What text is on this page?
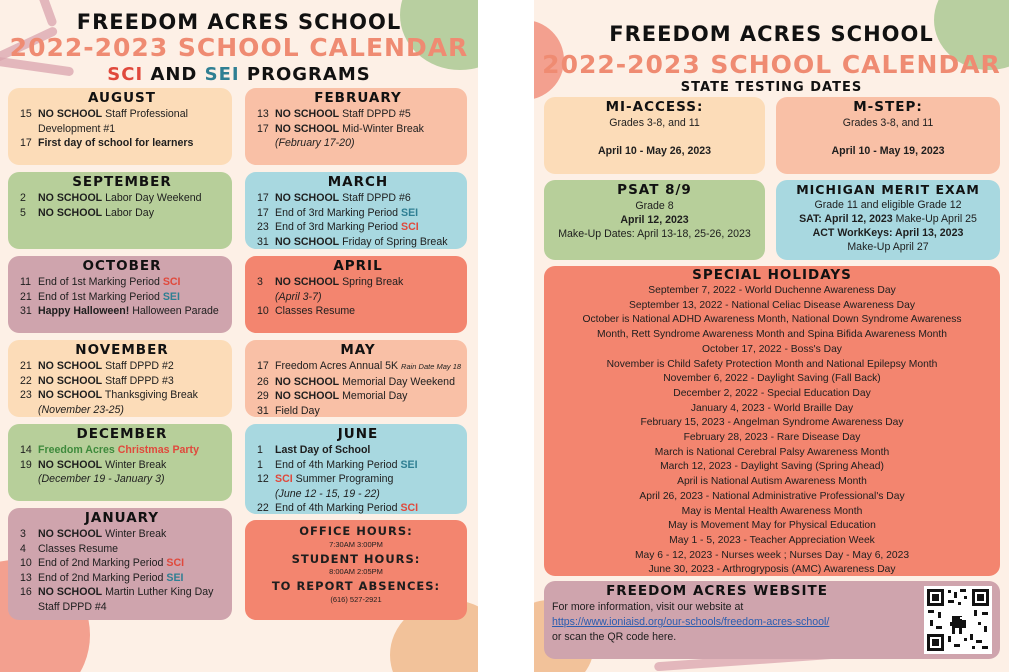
FREEDOM ACRES SCHOOL
2022-2023 SCHOOL CALENDAR
SCI AND SEI PROGRAMS
AUGUST
15 NO SCHOOL Staff Professional
Development #1
17 First day of school for learners
SEPTEMBER
2 NO SCHOOL Labor Day Weekend
5 NO SCHOOL Labor Day
OCTOBER
11 End of 1st Marking Period SCI
21 End of 1st Marking Period SEI
31 Happy Halloween! Halloween Parade
NOVEMBER
21 NO SCHOOL Staff DPPD #2
22 NO SCHOOL Staff DPPD #3
23 NO SCHOOL Thanksgiving Break
(November 23-25)
DECEMBER
14 Freedom Acres Christmas Party
19 NO SCHOOL Winter Break
(December 19 - January 3)
JANUARY
3 NO SCHOOL Winter Break
4 Classes Resume
10 End of 2nd Marking Period SCI
13 End of 2nd Marking Period SEI
16 NO SCHOOL Martin Luther King Day
Staff DPPD #4
FEBRUARY
13 NO SCHOOL Staff DPPD #5
17 NO SCHOOL Mid-Winter Break
(February 17-20)
MARCH
17 NO SCHOOL Staff DPPD #6
17 End of 3rd Marking Period SEI
23 End of 3rd Marking Period SCI
31 NO SCHOOL Friday of Spring Break
APRIL
3 NO SCHOOL Spring Break
(April 3-7)
10 Classes Resume
MAY
17 Freedom Acres Annual 5K Rain Date May 18
26 NO SCHOOL Memorial Day Weekend
29 NO SCHOOL Memorial Day
31 Field Day
JUNE
1 Last Day of School
1 End of 4th Marking Period SEI
12 SCI Summer Programing
(June 12 - 15, 19 - 22)
22 End of 4th Marking Period SCI
OFFICE HOURS:
7:30AM 3:00PM
STUDENT HOURS:
8:00AM 2:05PM
TO REPORT ABSENCES:
(616) 527-2921
FREEDOM ACRES SCHOOL
2022-2023 SCHOOL CALENDAR
STATE TESTING DATES
MI-ACCESS:
Grades 3-8, and 11
April 10 - May 26, 2023
M-STEP:
Grades 3-8, and 11
April 10 - May 19, 2023
PSAT 8/9
Grade 8
April 12, 2023
Make-Up Dates: April 13-18, 25-26, 2023
MICHIGAN MERIT EXAM
Grade 11 and eligible Grade 12
SAT: April 12, 2023 Make-Up April 25
ACT WorkKeys: April 13, 2023
Make-Up April 27
SPECIAL HOLIDAYS
September 7, 2022 - World Duchenne Awareness Day
September 13, 2022 - National Celiac Disease Awareness Day
October is National ADHD Awareness Month, National Down Syndrome Awareness
Month, Rett Syndrome Awareness Month and Spina Bifida Awareness Month
October 17, 2022 - Boss's Day
November is Child Safety Protection Month and National Epilepsy Month
November 6, 2022 - Daylight Saving (Fall Back)
December 2, 2022 - Special Education Day
January 4, 2023 - World Braille Day
February 15, 2023 - Angelman Syndrome Awareness Day
February 28, 2023 - Rare Disease Day
March is National Cerebral Palsy Awareness Month
March 12, 2023 - Daylight Saving (Spring Ahead)
April is National Autism Awareness Month
April 26, 2023 - National Administrative Professional's Day
May is Mental Health Awareness Month
May is Movement May for Physical Education
May 1 - 5, 2023 - Teacher Appreciation Week
May 6 - 12, 2023 - Nurses week ; Nurses Day - May 6, 2023
June 30, 2023 - Arthrogryposis (AMC) Awareness Day
FREEDOM ACRES WEBSITE
For more information, visit our website at
https://www.ioniaisd.org/our-schools/freedom-acres-school/
or scan the QR code here.
